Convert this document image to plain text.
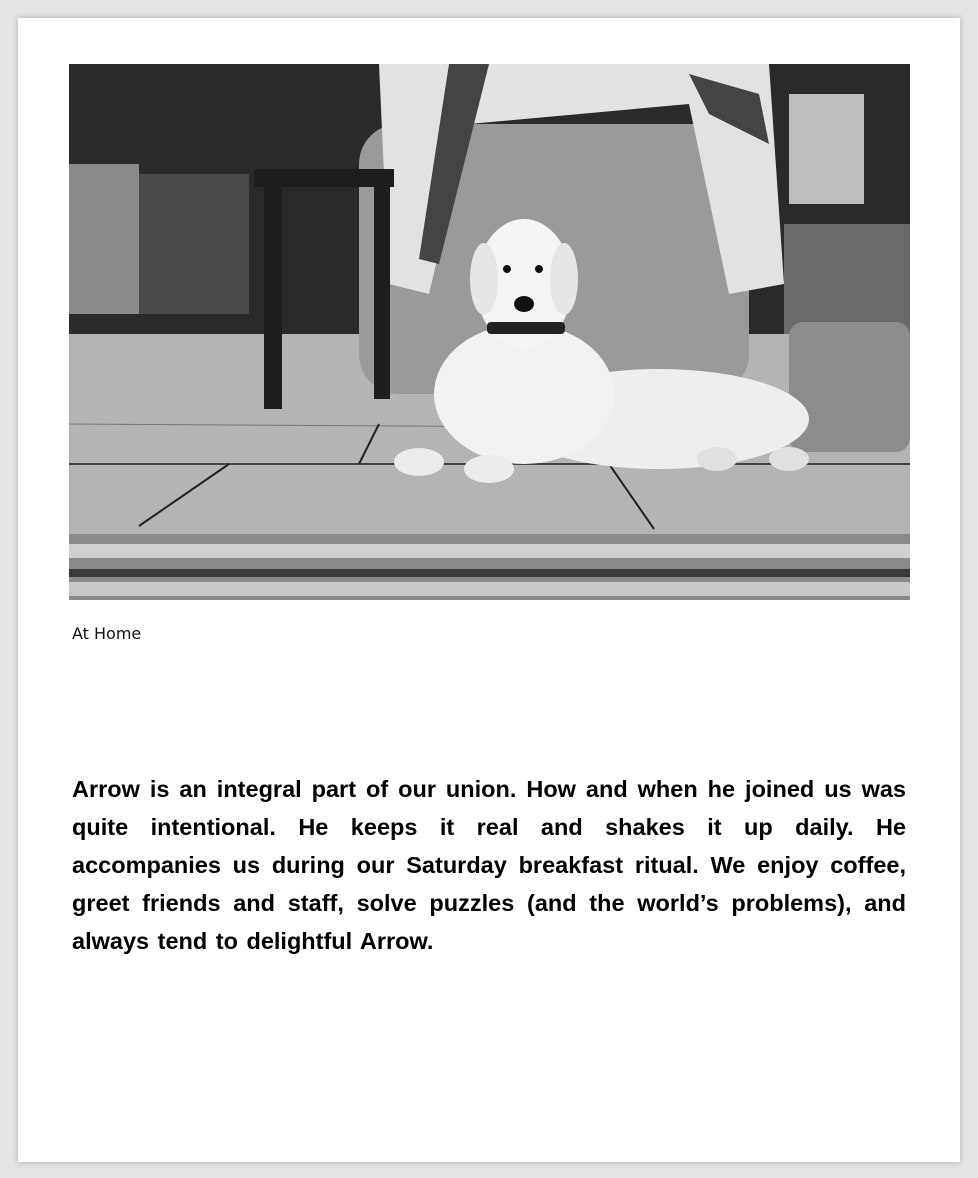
At Home

Arrow is an integral part of our union. How and when he joined us was quite intentional. He keeps it real and shakes it up daily. He accompanies us during our Saturday breakfast ritual. We enjoy coffee, greet friends and staff, solve puzzles (and the world’s problems), and always tend to delightful Arrow.
